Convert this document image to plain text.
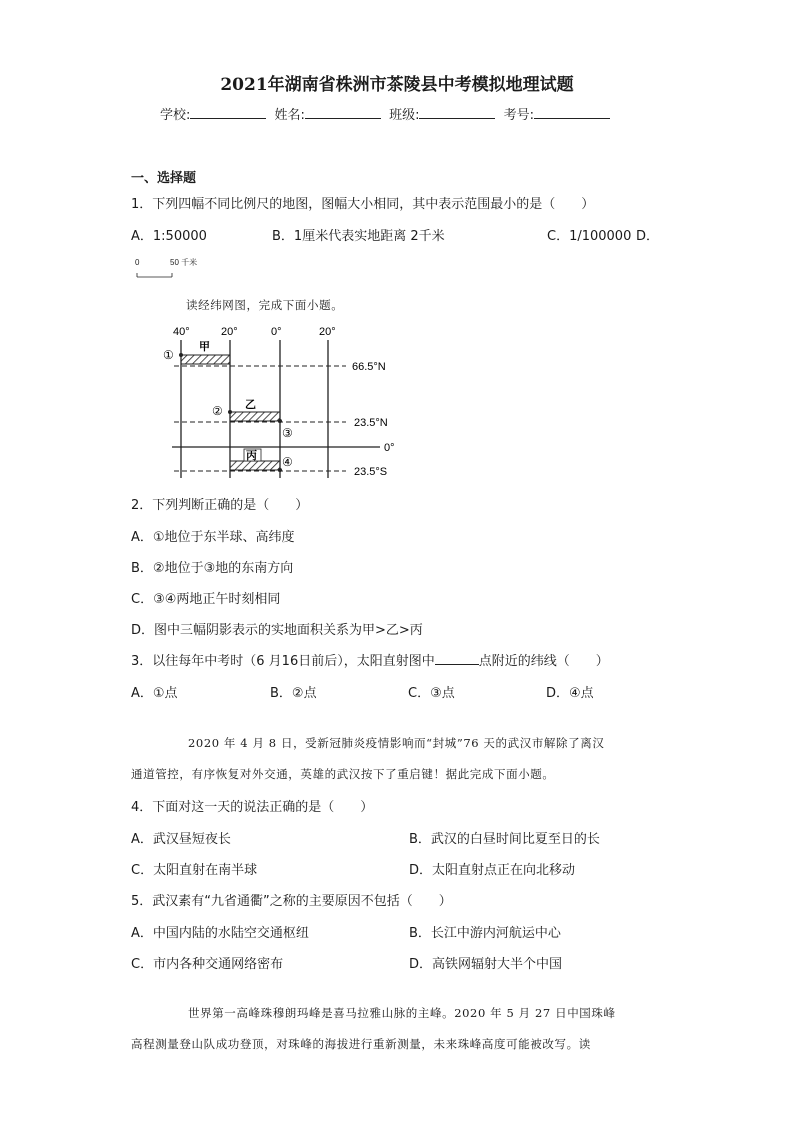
2021年湖南省株洲市茶陵县中考模拟地理试题
学校:	姓名:	班级:	考号:
一、选择题
1．下列四幅不同比例尺的地图，图幅大小相同，其中表示范围最小的是（　　）
A．1:50000	B．1厘米代表实地距离 2千米	C．1/100000 D．
0	50 千米
读经纬网图，完成下面小题。
40°	20°	0°	20°
66.5°N
23.5°N
0°
23.5°S
甲
乙
丙
①
②
③
④
2．下列判断正确的是（　　）
A．①地位于东半球、高纬度
B．②地位于③地的东南方向
C．③④两地正午时刻相同
D．图中三幅阴影表示的实地面积关系为甲>乙>丙
3．以往每年中考时（6 月16日前后），太阳直射图中	点附近的纬线（　　）
A．①点	B．②点	C．③点	D．④点
2020 年 4 月 8 日，受新冠肺炎疫情影响而“封城”76 天的武汉市解除了离汉
通道管控，有序恢复对外交通，英雄的武汉按下了重启键！据此完成下面小题。
4．下面对这一天的说法正确的是（　　）
A．武汉昼短夜长	B．武汉的白昼时间比夏至日的长
C．太阳直射在南半球	D．太阳直射点正在向北移动
5．武汉素有“九省通衢”之称的主要原因不包括（　　）
A．中国内陆的水陆空交通枢纽	B．长江中游内河航运中心
C．市内各种交通网络密布	D．高铁网辐射大半个中国
世界第一高峰珠穆朗玛峰是喜马拉雅山脉的主峰。2020 年 5 月 27 日中国珠峰
高程测量登山队成功登顶，对珠峰的海拔进行重新测量，未来珠峰高度可能被改写。读
